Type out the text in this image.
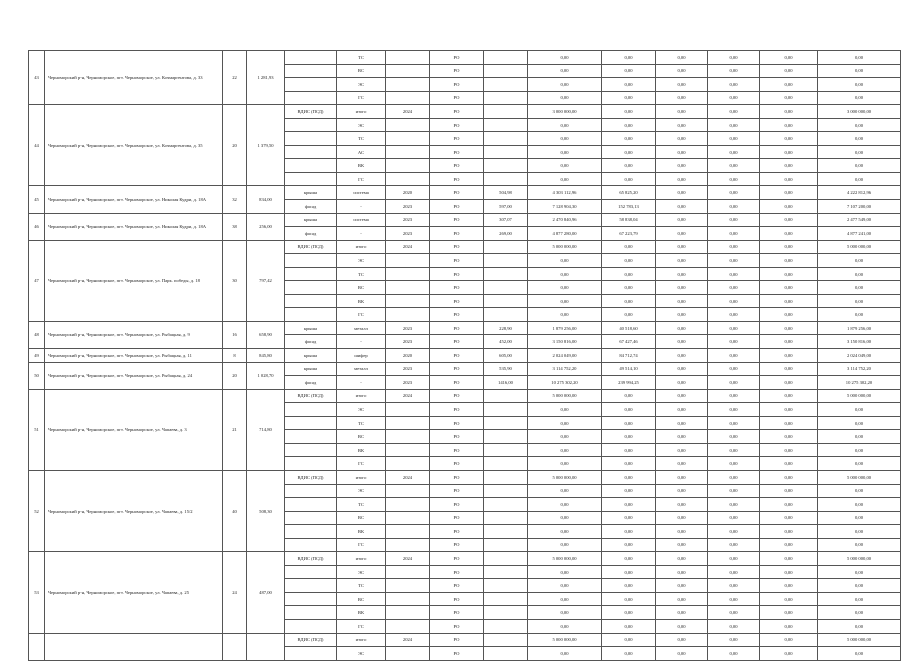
43	Черноморский р-н, Черноморское, пгт. Черноморское, ул. Кочмаргентова, д. 33	22	1 281,93		ТС		РО		0,00	0,00	0,00	0,00	0,00	0,00
					ВС		РО		0,00	0,00	0,00	0,00	0,00	0,00
					ЭС		РО		0,00	0,00	0,00	0,00	0,00	0,00
					ГС		РО		0,00	0,00	0,00	0,00	0,00	0,00
44	Черноморский р-н, Черноморское, пгт. Черноморское, ул. Кочмаргентова, д. 35	20	1 379,50	ВДИС (ПСД)	итого	2024	РО		3 000 000,00	0,00	0,00	0,00	0,00	3 000 000,00
					ЭС		РО		0,00	0,00	0,00	0,00	0,00	0,00
					ТС		РО		0,00	0,00	0,00	0,00	0,00	0,00
					АС		РО		0,00	0,00	0,00	0,00	0,00	0,00
					ВК		РО		0,00	0,00	0,00	0,00	0,00	0,00
					ГС		РО		0,00	0,00	0,00	0,00	0,00	0,00
45	Черноморский р-н, Черноморское, пгт. Черноморское, ул. Николая Кудри, д. 18А	32	834,00	крыша	система	2020	РО	504,98	4 303 112,96	65 825,20	0,00	0,00	0,00	4 222 812,96
				фасад	-	2023	РО	597,00	7 128 904,30	152 783,13	0,00	0,00	0,00	7 107 200,00
46	Черноморский р-н, Черноморское, пгт. Черноморское, ул. Николая Кудри, д. 18А	38	256,00	крыша	система	2023	РО	307,07	2 470 840,96	58 838,04	0,00	0,00	0,00	2 477 549,00
				фасад	-	2023	РО	269,00	4 877 280,00	67 223,79	0,00	0,00	0,00	4 877 241,00
47	Черноморский р-н, Черноморское, пгт. Черноморское, ул. Парк. победы, д. 18	30	797,42	ВДИС (ПСД)	итого	2024	РО		5 000 000,00	0,00	0,00	0,00	0,00	5 000 000,00
					ЭС		РО		0,00	0,00	0,00	0,00	0,00	0,00
					ТС		РО		0,00	0,00	0,00	0,00	0,00	0,00
					ВС		РО		0,00	0,00	0,00	0,00	0,00	0,00
					ВК		РО		0,00	0,00	0,00	0,00	0,00	0,00
					ГС		РО		0,00	0,00	0,00	0,00	0,00	0,00
48	Черноморский р-н, Черноморское, пгт. Черноморское, ул. Рыбацкая, д. 9	16	658,90	крыша	металл	2023	РО	228,90	1 879 256,00	40 518,60	0,00	0,00	0,00	1 879 256,00
				фасад	-	2023	РО	452,00	3 150 816,00	67 427,46	0,00	0,00	0,00	3 150 816,00
49	Черноморский р-н, Черноморское, пгт. Черноморское, ул. Рыбацкая, д. 11	8	845,80	крыша	шифер	2020	РО	605,00	2 024 049,00	84 712,74	0,00	0,00	0,00	2 024 049,00
50	Черноморский р-н, Черноморское, пгт. Черноморское, ул. Рыбацкая, д. 24	20	1 028,70	крыша	металл	2023	РО	535,90	3 114 752,20	49 514,10	0,00	0,00	0,00	3 114 752,20
				фасад	-	2023	РО	1416,00	10 275 302,20	239 994,25	0,00	0,00	0,00	10 275 302,20
51	Черноморский р-н, Черноморское, пгт. Черноморское, ул. Чапаева, д. 3	21	714,80	ВДИС (ПСД)	итого	2024	РО		5 000 000,00	0,00	0,00	0,00	0,00	5 000 000,00
					ЭС		РО		0,00	0,00	0,00	0,00	0,00	0,00
					ТС		РО		0,00	0,00	0,00	0,00	0,00	0,00
					ВС		РО		0,00	0,00	0,00	0,00	0,00	0,00
					ВК		РО		0,00	0,00	0,00	0,00	0,00	0,00
					ГС		РО		0,00	0,00	0,00	0,00	0,00	0,00
52	Черноморский р-н, Черноморское, пгт. Черноморское, ул. Чапаева, д. 15/2	40	508,30	ВДИС (ПСД)	итого	2024	РО		5 000 000,00	0,00	0,00	0,00	0,00	5 000 000,00
					ЭС		РО		0,00	0,00	0,00	0,00	0,00	0,00
					ТС		РО		0,00	0,00	0,00	0,00	0,00	0,00
					ВС		РО		0,00	0,00	0,00	0,00	0,00	0,00
					ВК		РО		0,00	0,00	0,00	0,00	0,00	0,00
					ГС		РО		0,00	0,00	0,00	0,00	0,00	0,00
53	Черноморский р-н, Черноморское, пгт. Черноморское, ул. Чапаева, д. 25	24	487,00	ВДИС (ПСД)	итого	2024	РО		5 000 000,00	0,00	0,00	0,00	0,00	5 000 000,00
					ЭС		РО		0,00	0,00	0,00	0,00	0,00	0,00
					ТС		РО		0,00	0,00	0,00	0,00	0,00	0,00
					ВС		РО		0,00	0,00	0,00	0,00	0,00	0,00
					ВК		РО		0,00	0,00	0,00	0,00	0,00	0,00
					ГС		РО		0,00	0,00	0,00	0,00	0,00	0,00
				ВДИС (ПСД)	итого	2024	РО		5 000 000,00	0,00	0,00	0,00	0,00	5 000 000,00
					ЭС		РО		0,00	0,00	0,00	0,00	0,00	0,00
